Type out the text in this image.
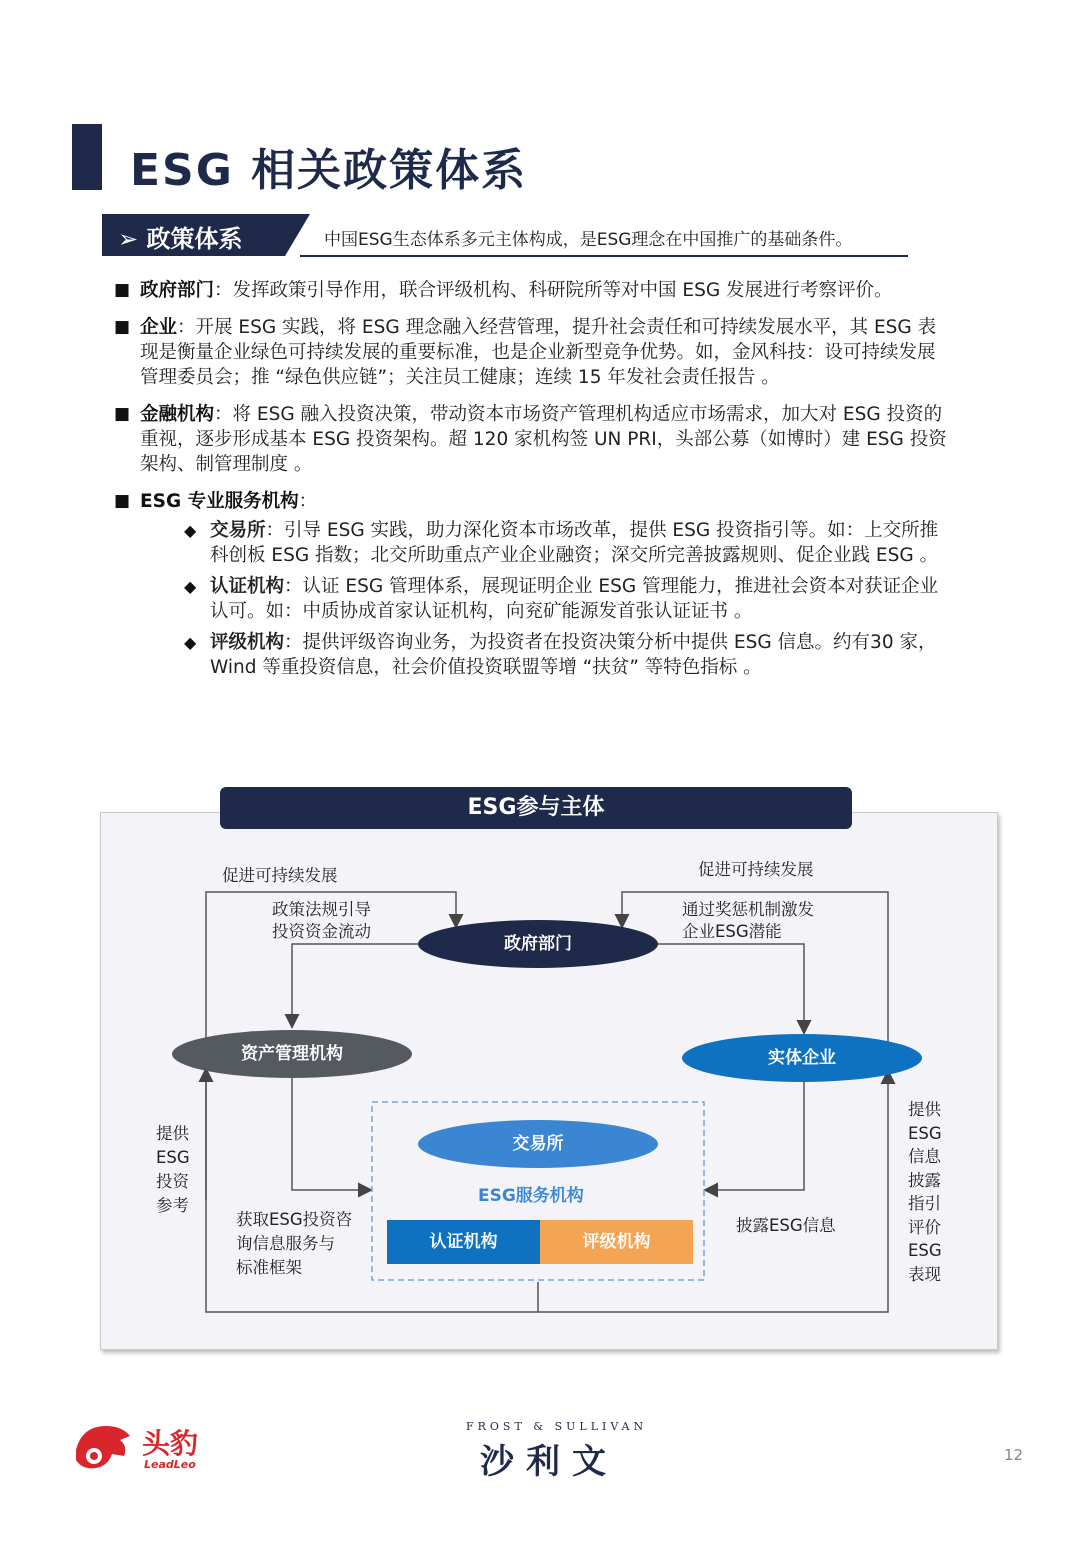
ESG 相关政策体系
➢ 政策体系	中国ESG生态体系多元主体构成，是ESG理念在中国推广的基础条件。
■ 政府部门：发挥政策引导作用，联合评级机构、科研院所等对中国 ESG 发展进行考察评价。
■ 企业：开展 ESG 实践，将 ESG 理念融入经营管理，提升社会责任和可持续发展水平，其 ESG 表现是衡量企业绿色可持续发展的重要标准，也是企业新型竞争优势。如，金风科技：设可持续发展管理委员会；推 “绿色供应链”；关注员工健康；连续 15 年发社会责任报告 。
■ 金融机构：将 ESG 融入投资决策，带动资本市场资产管理机构适应市场需求，加大对 ESG 投资的重视，逐步形成基本 ESG 投资架构。超 120 家机构签 UN PRI，头部公募（如博时）建 ESG 投资架构、制管理制度 。
■ ESG 专业服务机构：
◆ 交易所：引导 ESG 实践，助力深化资本市场改革，提供 ESG 投资指引等。如：上交所推科创板 ESG 指数；北交所助重点产业企业融资；深交所完善披露规则、促企业践 ESG 。
◆ 认证机构：认证 ESG 管理体系，展现证明企业 ESG 管理能力，推进社会资本对获证企业认可。如：中质协成首家认证机构，向兖矿能源发首张认证证书 。
◆ 评级机构：提供评级咨询业务，为投资者在投资决策分析中提供 ESG 信息。约有30 家，Wind 等重投资信息，社会价值投资联盟等增 “扶贫” 等特色指标 。
ESG参与主体
促进可持续发展	促进可持续发展
政策法规引导
投资资金流动
通过奖惩机制激发
企业ESG潜能
政府部门
资产管理机构	实体企业
交易所
ESG服务机构
认证机构	评级机构
提供
ESG
投资
参考
获取ESG投资咨
询信息服务与
标准框架
披露ESG信息
提供
ESG
信息
披露
指引
评价
ESG
表现
头豹
LeadLeo
FROST & SULLIVAN
沙利文	12
